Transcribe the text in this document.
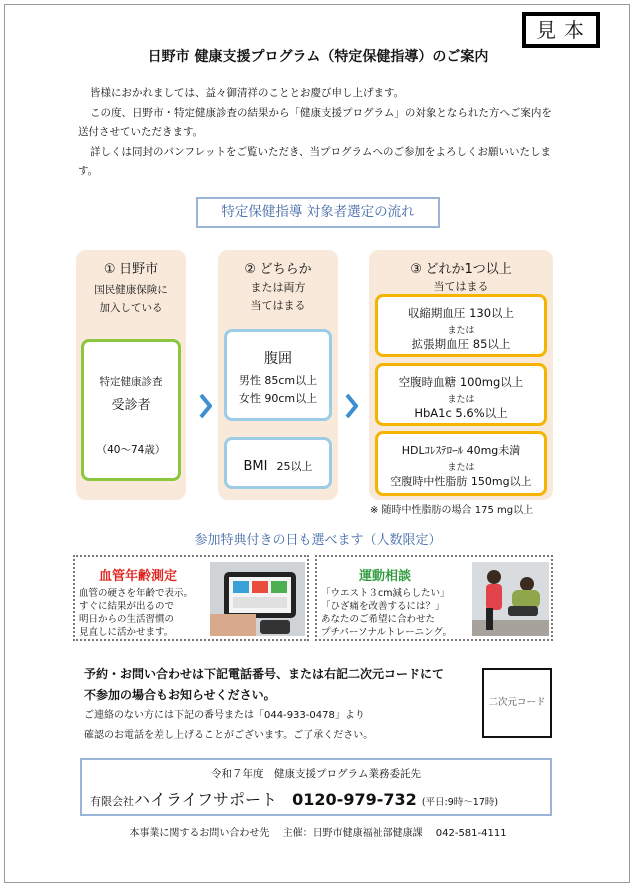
見本
日野市 健康支援プログラム（特定保健指導）のご案内

皆様におかれましては、益々御清祥のこととお慶び申し上げます。

この度、日野市・特定健康診査の結果から「健康支援プログラム」の対象となられた方へご案内を送付させていただきます。

詳しくは同封のパンフレットをご覧いただき、当プログラムへのご参加をよろしくお願いいたします。

特定保健指導 対象者選定の流れ
① 日野市
国民健康保険に
加入している
特定健康診査
受診者
（40～74歳）
② どちらか
または両方
当てはまる
腹囲
男性 85cm以上
女性 90cm以上
BMI 25以上
③ どれか1つ以上
当てはまる
収縮期血圧 130以上
または
拡張期血圧 85以上
空腹時血糖 100mg以上
または
HbA1c 5.6%以上
HDLｺﾚｽﾃﾛｰﾙ 40mg未満
または
空腹時中性脂肪 150mg以上
※ 随時中性脂肪の場合 175 mg以上
参加特典付きの日も選べます（人数限定）
血管年齢測定
血管の硬さを年齢で表示。
すぐに結果が出るので
明日からの生活習慣の
見直しに活かせます。
運動相談
「ウエスト３cm減らしたい」
「ひざ痛を改善するには？」
あなたのご希望に合わせた
プチパーソナルトレーニング。
予約・お問い合わせは下記電話番号、または右記二次元コードにて
不参加の場合もお知らせください。
ご連絡のない方には下記の番号または「044-933-0478」より
確認のお電話を差し上げることがございます。ご了承ください。
二次元コード
令和７年度　健康支援プログラム業務委託先
有限会社ハイライフサポート 0120-979-732 (平日:9時～17時)
本事業に関するお問い合わせ先　 主催：日野市健康福祉部健康課　 042-581-4111
